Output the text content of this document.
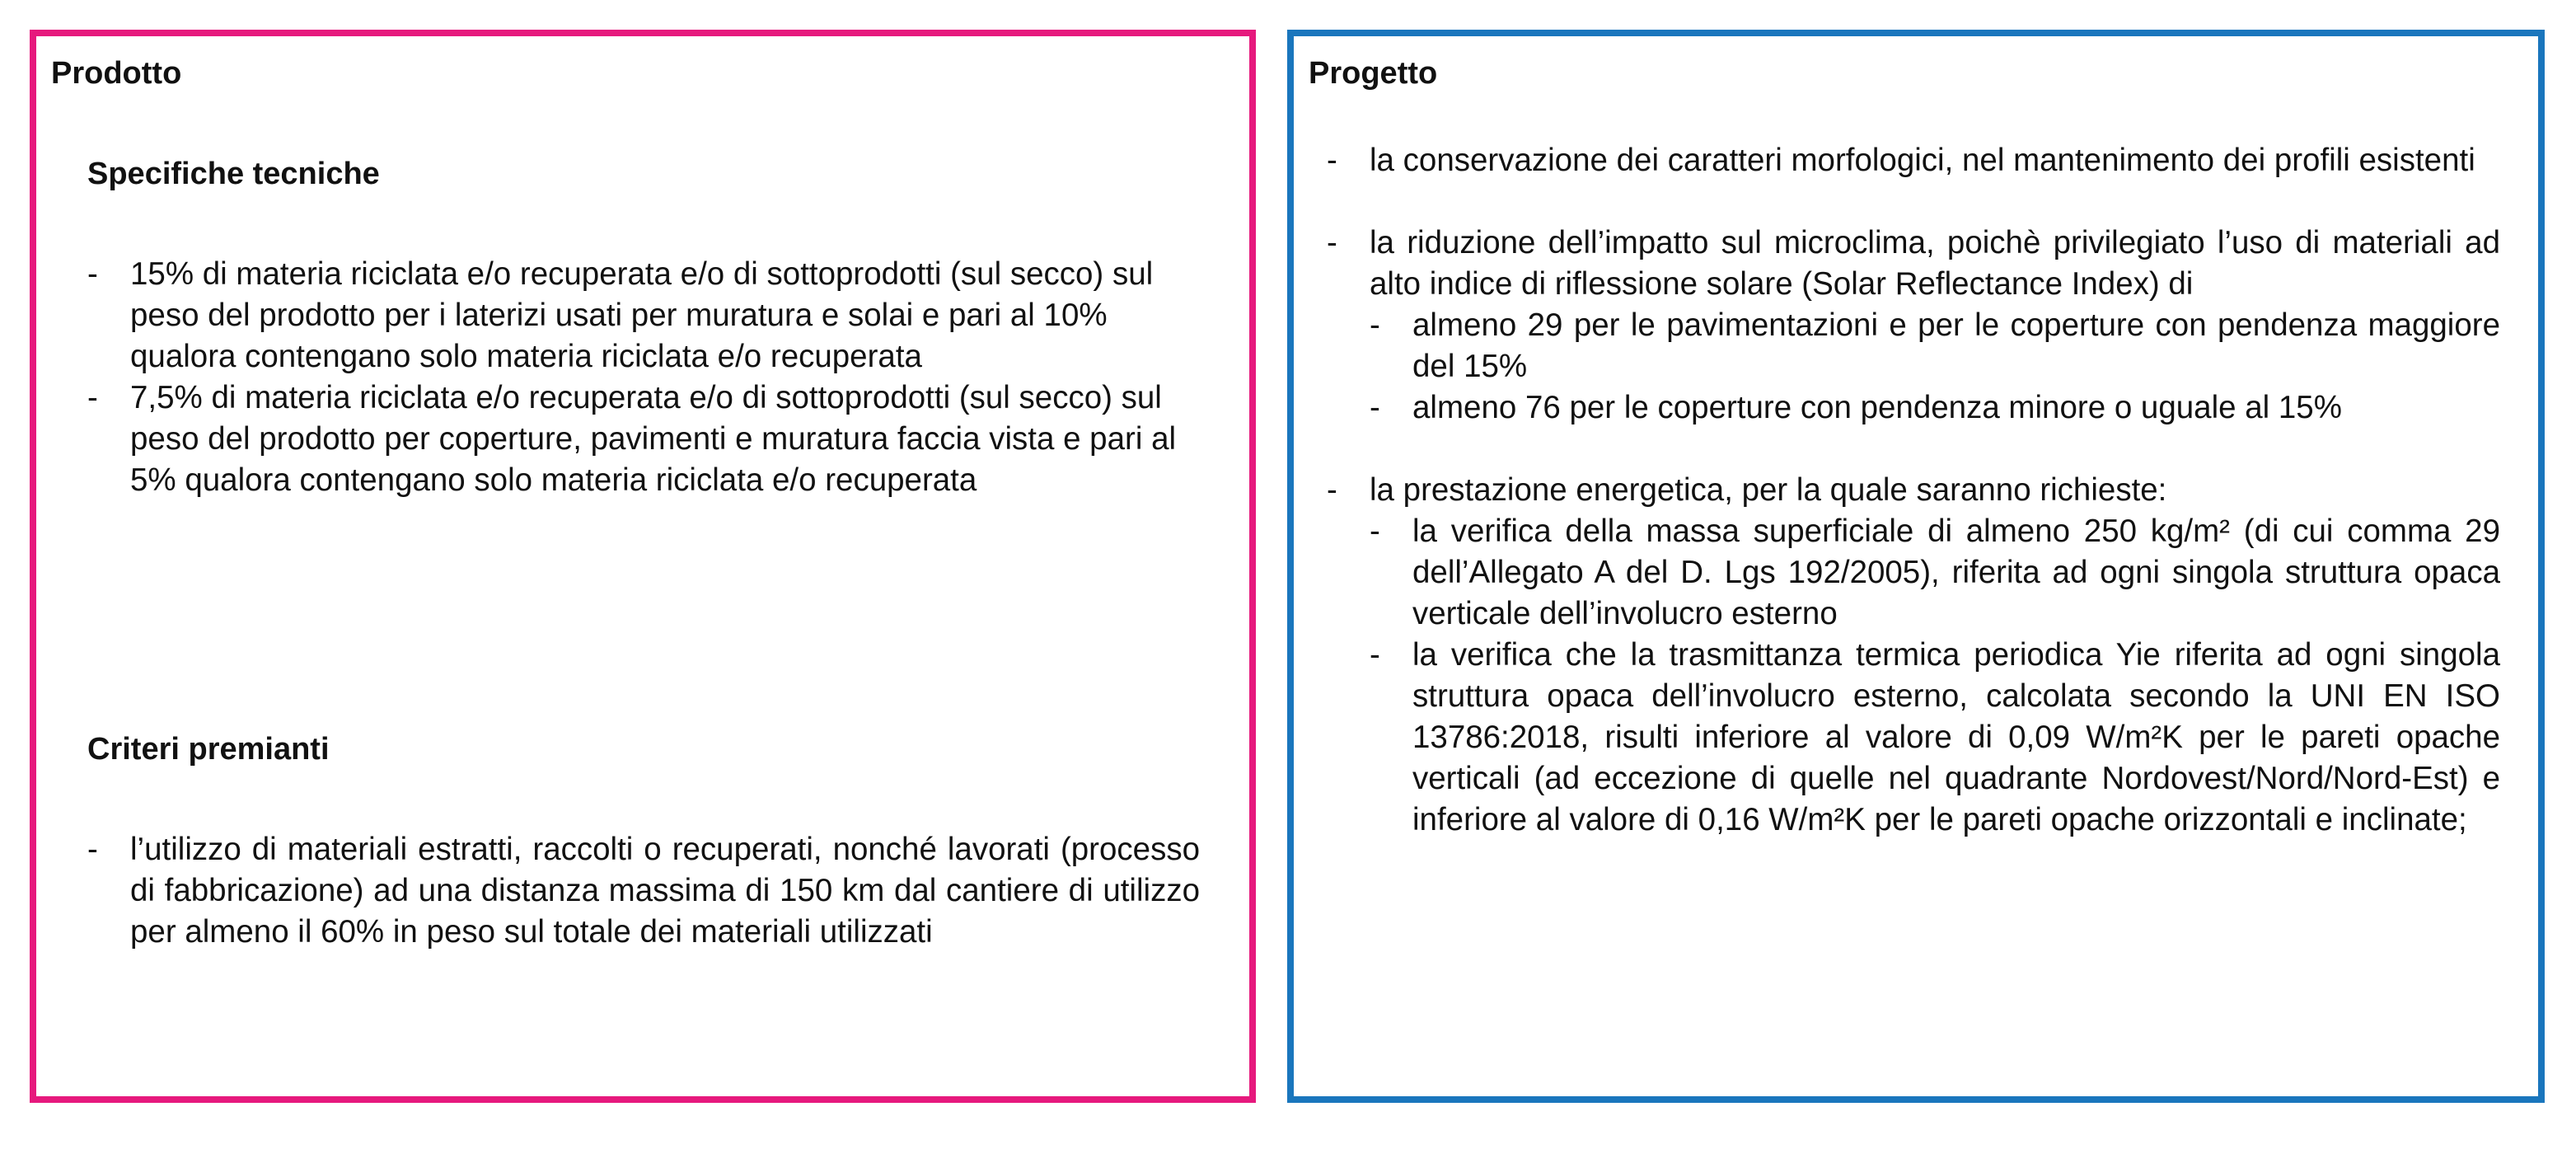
Prodotto
Specifiche tecniche
- 15% di materia riciclata e/o recuperata e/o di sottoprodotti (sul secco) sul peso del prodotto per i laterizi usati per muratura e solai e pari al 10% qualora contengano solo materia riciclata e/o recuperata
- 7,5% di materia riciclata e/o recuperata e/o di sottoprodotti (sul secco) sul peso del prodotto per coperture, pavimenti e muratura faccia vista e pari al 5% qualora contengano solo materia riciclata e/o recuperata
Criteri premianti
- l’utilizzo di materiali estratti, raccolti o recuperati, nonché lavorati (processo di fabbricazione) ad una distanza massima di 150 km dal cantiere di utilizzo per almeno il 60% in peso sul totale dei materiali utilizzati
Progetto
- la conservazione dei caratteri morfologici, nel mantenimento dei profili esistenti
- la riduzione dell’impatto sul microclima, poichè privilegiato l’uso di materiali ad alto indice di riflessione solare (Solar Reflectance Index) di
- almeno 29 per le pavimentazioni e per le coperture con pendenza maggiore del 15%
- almeno 76 per le coperture con pendenza minore o uguale al 15%
- la prestazione energetica, per la quale saranno richieste:
- la verifica della massa superficiale di almeno 250 kg/m² (di cui comma 29 dell’Allegato A del D. Lgs 192/2005), riferita ad ogni singola struttura opaca verticale dell’involucro esterno
- la verifica che la trasmittanza termica periodica Yie riferita ad ogni singola struttura opaca dell’involucro esterno, calcolata secondo la UNI EN ISO 13786:2018, risulti inferiore al valore di 0,09 W/m²K per le pareti opache verticali (ad eccezione di quelle nel quadrante Nordovest/Nord/Nord-Est) e inferiore al valore di 0,16 W/m²K per le pareti opache orizzontali e inclinate;
